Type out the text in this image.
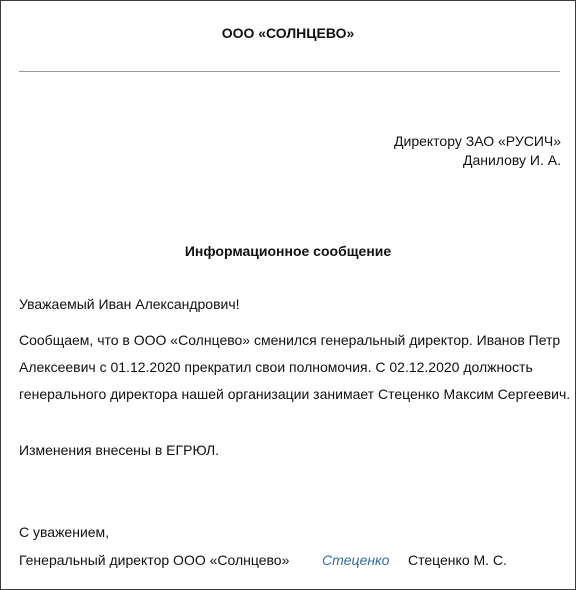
ООО «СОЛНЦЕВО»
Директору ЗАО «РУСИЧ»
Данилову И. А.
Информационное сообщение
Уважаемый Иван Александрович!
Сообщаем, что в ООО «Солнцево» сменился генеральный директор. Иванов Петр
Алексеевич с 01.12.2020 прекратил свои полномочия. С 02.12.2020 должность
генерального директора нашей организации занимает Стеценко Максим Сергеевич.
Изменения внесены в ЕГРЮЛ.
С уважением,
Генеральный директор ООО «Солнцево» Стеценко Стеценко М. С.
